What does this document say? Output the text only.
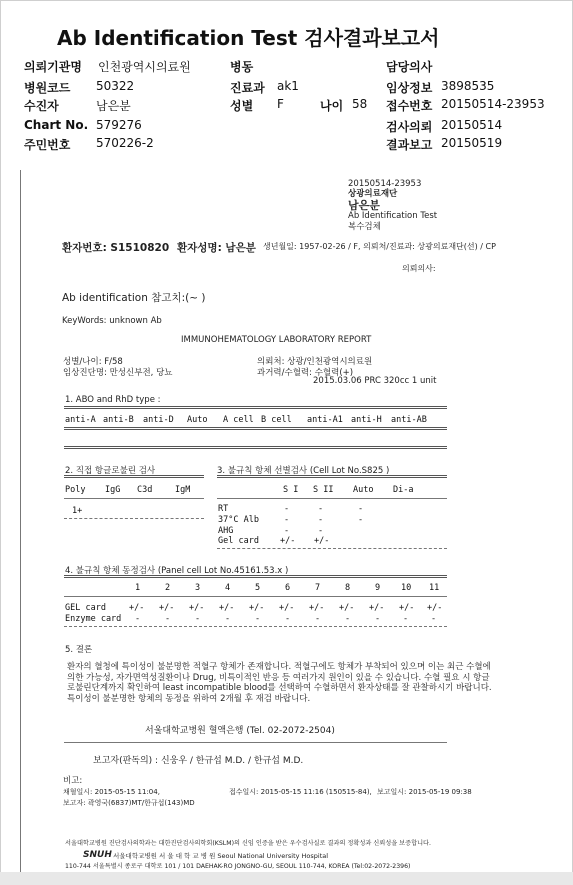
Ab Identification Test 검사결과보고서
의뢰기관명 인천광역시의료원	병동	담당의사
병원코드 50322	진료과 ak1	임상정보 3898535
수진자	남은분	성별 F	나이 58 접수번호 20150514-23953
Chart No. 579276	검사의뢰 20150514
주민번호 570226-2	결과보고 20150519
20150514-23953
상광의료재단
남은분
Ab Identification Test
복수검체
환자번호: S1510820 환자성명: 남은분 생년월일: 1957-02-26 / F, 의뢰처/진료과: 상광의료재단(선) / CP
의뢰의사:
Ab identification 참고치:(~ )
KeyWords: unknown Ab
IMMUNOHEMATOLOGY LABORATORY REPORT
성별/나이: F/58
임상진단명: 만성신부전, 당뇨
의뢰처: 상광/인천광역시의료원
과거력/수혈력: 수혈력(+)
2015.03.06 PRC 320cc 1 unit
1. ABO and RhD type :
anti-A anti-B anti-D Auto A cell B cell anti-A1 anti-H anti-AB
2. 직접 항글로불린 검사	3. 불규칙 항체 선별검사 (Cell Lot No.S825 )
Poly IgG C3d	IgM	S I S II Auto Di-a
1+	RT	-	-	-
37°C Alb	-	-	-
AHG	-	-
Gel card +/- +/-
4. 불규칙 항체 동정검사 (Panel cell Lot No.45161.53.x )
1	2	3	4	5	6	7	8	9 10 11
GEL card	+/- +/- +/- +/- +/- +/- +/- +/- +/- +/- +/-
Enzyme card -	-	-	-	-	-	-	-	-	-	-
5. 결론
환자의 혈청에 특이성이 불분명한 적혈구 항체가 존재합니다. 적혈구에도 항체가 부착되어 있으며 이는 최근 수혈에 의한 가능성, 자가면역성질환이나 Drug, 비특이적인 반응 등 여러가지 원인이 있을 수 있습니다. 수혈 필요 시 항글로불린단계까지 확인하여 least incompatible blood를 선택하여 수혈하면서 환자상태를 잘 관찰하시기 바랍니다. 특이성이 불분명한 항체의 동정을 위하여 2개월 후 재검 바랍니다.
서울대학교병원 혈액은행 (Tel. 02-2072-2504)
보고자(판독의) : 신웅우 / 한규섭 M.D. / 한규섭 M.D.
비고:
채혈일시: 2015-05-15 11:04,	접수일시: 2015-05-15 11:16 (150515-84), 보고일시: 2015-05-19 09:38
보고자: 곽영국(6837)MT/한규섭(143)MD
서울대학교병원 진단검사의학과는 대한진단검사의학회(KSLM)의 신임 인증을 받은 우수검사실로 결과의 정확성과 신뢰성을 보증합니다.
SNUH 서울대학교병원 서 울 대 학 교 병 원 Seoul National University Hospital
110-744 서울특별시 종로구 대학로 101 / 101 DAEHAK-RO JONGNO-GU, SEOUL 110-744, KOREA (Tel:02-2072-2396)
